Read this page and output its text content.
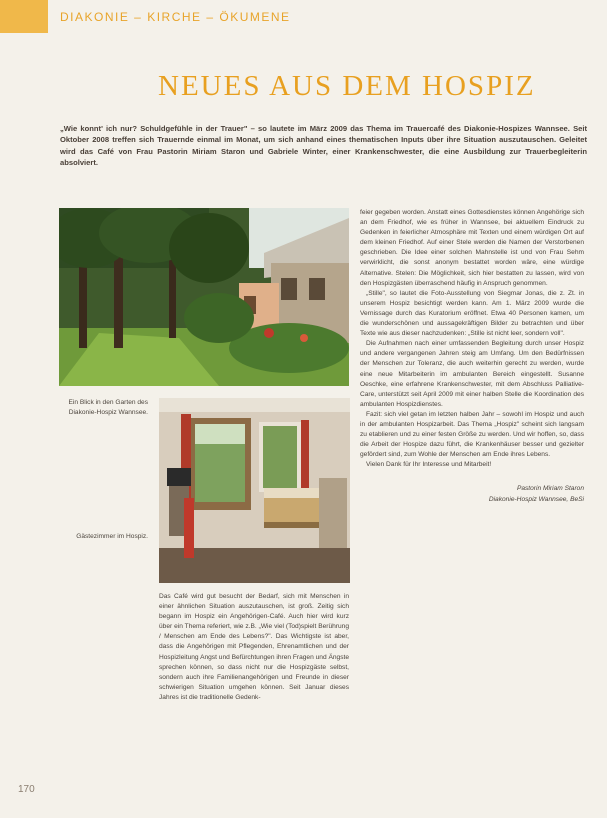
DIAKONIE – KIRCHE – ÖKUMENE
NEUES AUS DEM HOSPIZ

„Wie konnt' ich nur? Schuldgefühle in der Trauer" – so lautete im März 2009 das Thema im Trauercafé des Diakonie-Hospizes Wannsee. Seit Oktober 2008 treffen sich Trauernde einmal im Monat, um sich anhand eines thematischen Inputs über ihre Situation auszutauschen. Geleitet wird das Café von Frau Pastorin Miriam Staron und Gabriele Winter, einer Krankenschwester, die eine Ausbildung zur Trauerbegleiterin absolviert.

Ein Blick in den Garten des Diakonie-Hospiz Wannsee.

Gästezimmer im Hospiz.

Das Café wird gut besucht der Bedarf, sich mit Menschen in einer ähnlichen Situation auszutauschen, ist groß. Zeitig sich begann im Hospiz ein Angehörigen-Café. Auch hier wird kurz über ein Thema referiert, wie z.B. „Wie viel (Tod)spielt Berührung / Menschen am Ende des Lebens?". Das Wichtigste ist aber, dass die Angehörigen mit Pflegenden, Ehrenamtlichen und der Hospizleitung Angst und Befürchtungen ihren Fragen und Ängste sprechen können, so dass nicht nur die Hospizgäste selbst, sondern auch ihre Familienangehörigen und Freunde in dieser schwierigen Situation umgehen können. Seit Januar dieses Jahres ist die traditionelle Gedenk-

feier gegeben worden. Anstatt eines Gottesdienstes können Angehörige sich an dem Friedhof, wie es früher in Wannsee, bei aktuellem Eindruck zu Gedenken in feierlicher Atmosphäre mit Texten und einem würdigen Ort auf dem kleinen Friedhof. Auf einer Stele werden die Namen der Verstorbenen geschrieben. Die Idee einer solchen Mahnstelle ist und von Frau Sehm verwirklicht, die sonst anonym bestattet worden wäre, eine würdige Alternative. Stelen: Die Möglichkeit, sich hier bestatten zu lassen, wird von den Hospizgästen überraschend häufig in Anspruch genommen.

„Stille", so lautet die Foto-Ausstellung von Siegmar Jonas, die z. Zt. in unserem Hospiz besichtigt werden kann. Am 1. März 2009 wurde die Vernissage durch das Kuratorium eröffnet. Etwa 40 Personen kamen, um die wunderschönen und aussagekräftigen Bilder zu betrachten und über Texte wie aus dieser nachzudenken: „Stille ist nicht leer, sondern voll".

Die Aufnahmen nach einer umfassenden Begleitung durch unser Hospiz und andere vergangenen Jahren steig am Umfang. Um den Bedürfnissen der Menschen zur Toleranz, die auch weiterhin gerecht zu werden, wurde eine neue Mitarbeiterin im ambulanten Bereich eingestellt. Susanne Oeschke, eine erfahrene Krankenschwester, mit dem Abschluss Palliative-Care, unterstützt seit April 2009 mit einer halben Stelle die Koordination des ambulanten Hospizdienstes.

Fazit: sich viel getan im letzten halben Jahr – sowohl im Hospiz und auch in der ambulanten Hospizarbeit. Das Thema „Hospiz" scheint sich langsam zu etablieren und zu einer festen Größe zu werden. Und wir hoffen, so, dass die Arbeit der Hospize dazu führt, die Krankenhäuser besser und gezielter gefördert sind, zum Wohle der Menschen am Ende ihres Lebens.

Vielen Dank für Ihr Interesse und Mitarbeit!

Pastorin Miriam Staron
Diakonie-Hospiz Wannsee, BeSi

170
